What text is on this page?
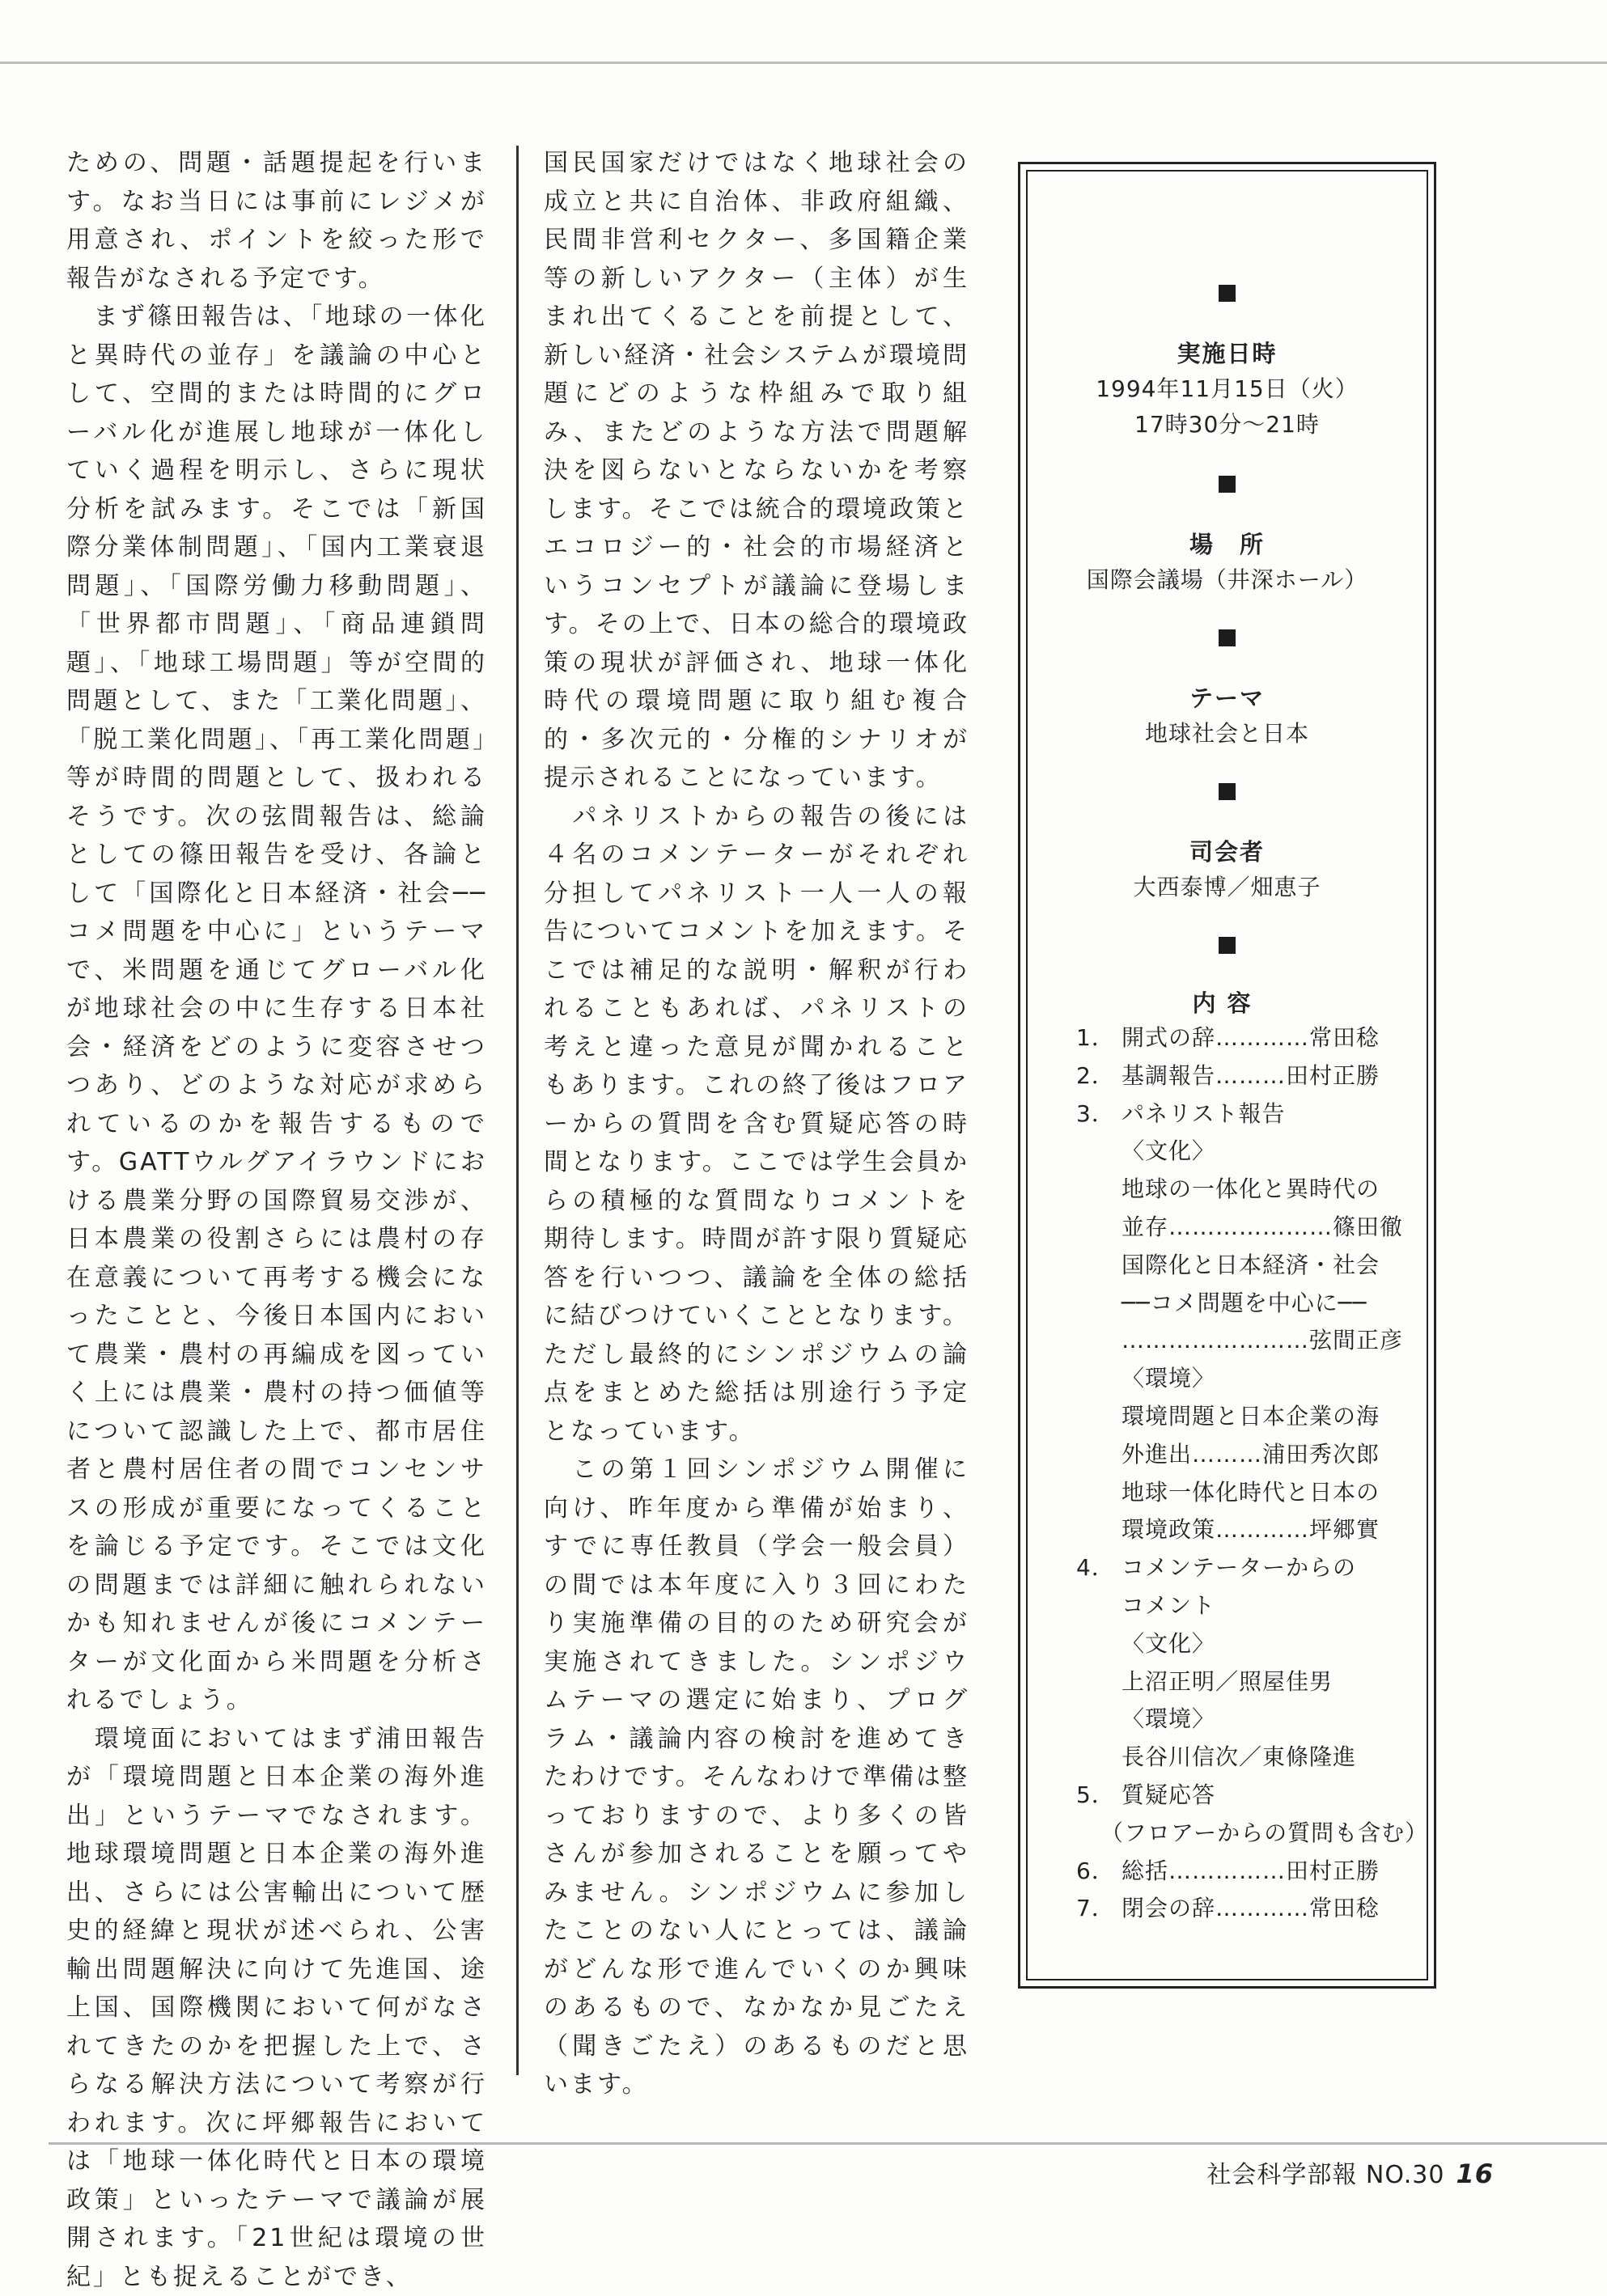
ための、問題・話題提起を行います。なお当日には事前にレジメが用意され、ポイントを絞った形で報告がなされる予定です。

　まず篠田報告は、「地球の一体化と異時代の並存」を議論の中心として、空間的または時間的にグローバル化が進展し地球が一体化していく過程を明示し、さらに現状分析を試みます。そこでは「新国際分業体制問題」、「国内工業衰退問題」、「国際労働力移動問題」、「世界都市問題」、「商品連鎖問題」、「地球工場問題」等が空間的問題として、また「工業化問題」、「脱工業化問題」、「再工業化問題」等が時間的問題として、扱われるそうです。次の弦間報告は、総論としての篠田報告を受け、各論として「国際化と日本経済・社会──コメ問題を中心に」というテーマで、米問題を通じてグローバル化が地球社会の中に生存する日本社会・経済をどのように変容させつつあり、どのような対応が求められているのかを報告するものです。GATTウルグアイラウンドにおける農業分野の国際貿易交渉が、日本農業の役割さらには農村の存在意義について再考する機会になったことと、今後日本国内において農業・農村の再編成を図っていく上には農業・農村の持つ価値等について認識した上で、都市居住者と農村居住者の間でコンセンサスの形成が重要になってくることを論じる予定です。そこでは文化の問題までは詳細に触れられないかも知れませんが後にコメンテーターが文化面から米問題を分析されるでしょう。

　環境面においてはまず浦田報告が「環境問題と日本企業の海外進出」というテーマでなされます。地球環境問題と日本企業の海外進出、さらには公害輸出について歴史的経緯と現状が述べられ、公害輸出問題解決に向けて先進国、途上国、国際機関において何がなされてきたのかを把握した上で、さらなる解決方法について考察が行われます。次に坪郷報告においては「地球一体化時代と日本の環境政策」といったテーマで議論が展開されます。「21世紀は環境の世紀」とも捉えることができ、

国民国家だけではなく地球社会の成立と共に自治体、非政府組織、民間非営利セクター、多国籍企業等の新しいアクター（主体）が生まれ出てくることを前提として、新しい経済・社会システムが環境問題にどのような枠組みで取り組み、またどのような方法で問題解決を図らないとならないかを考察します。そこでは統合的環境政策とエコロジー的・社会的市場経済というコンセプトが議論に登場します。その上で、日本の総合的環境政策の現状が評価され、地球一体化時代の環境問題に取り組む複合的・多次元的・分権的シナリオが提示されることになっています。

　パネリストからの報告の後には４名のコメンテーターがそれぞれ分担してパネリスト一人一人の報告についてコメントを加えます。そこでは補足的な説明・解釈が行われることもあれば、パネリストの考えと違った意見が聞かれることもあります。これの終了後はフロアーからの質問を含む質疑応答の時間となります。ここでは学生会員からの積極的な質問なりコメントを期待します。時間が許す限り質疑応答を行いつつ、議論を全体の総括に結びつけていくこととなります。ただし最終的にシンポジウムの論点をまとめた総括は別途行う予定となっています。

　この第１回シンポジウム開催に向け、昨年度から準備が始まり、すでに専任教員（学会一般会員）の間では本年度に入り３回にわたり実施準備の目的のため研究会が実施されてきました。シンポジウムテーマの選定に始まり、プログラム・議論内容の検討を進めてきたわけです。そんなわけで準備は整っておりますので、より多くの皆さんが参加されることを願ってやみません。シンポジウムに参加したことのない人にとっては、議論がどんな形で進んでいくのか興味のあるもので、なかなか見ごたえ（聞きごたえ）のあるものだと思います。

実施日時
1994年11月15日（火）
17時30分～21時
場　所
国際会議場（井深ホール）
テーマ
地球社会と日本
司会者
大西泰博／畑恵子
内容
1． 開式の辞…………常田稔
2． 基調報告………田村正勝
3． パネリスト報告
〈文化〉
地球の一体化と異時代の
並存…………………篠田徹
国際化と日本経済・社会
──コメ問題を中心に──
……………………弦間正彦
〈環境〉
環境問題と日本企業の海
外進出………浦田秀次郎
地球一体化時代と日本の
環境政策…………坪郷實
4． コメンテーターからの
コメント
〈文化〉
上沼正明／照屋佳男
〈環境〉
長谷川信次／東條隆進
5． 質疑応答
（フロアーからの質問も含む）
6． 総括……………田村正勝
7． 閉会の辞…………常田稔
社会科学部報 NO.30 16
